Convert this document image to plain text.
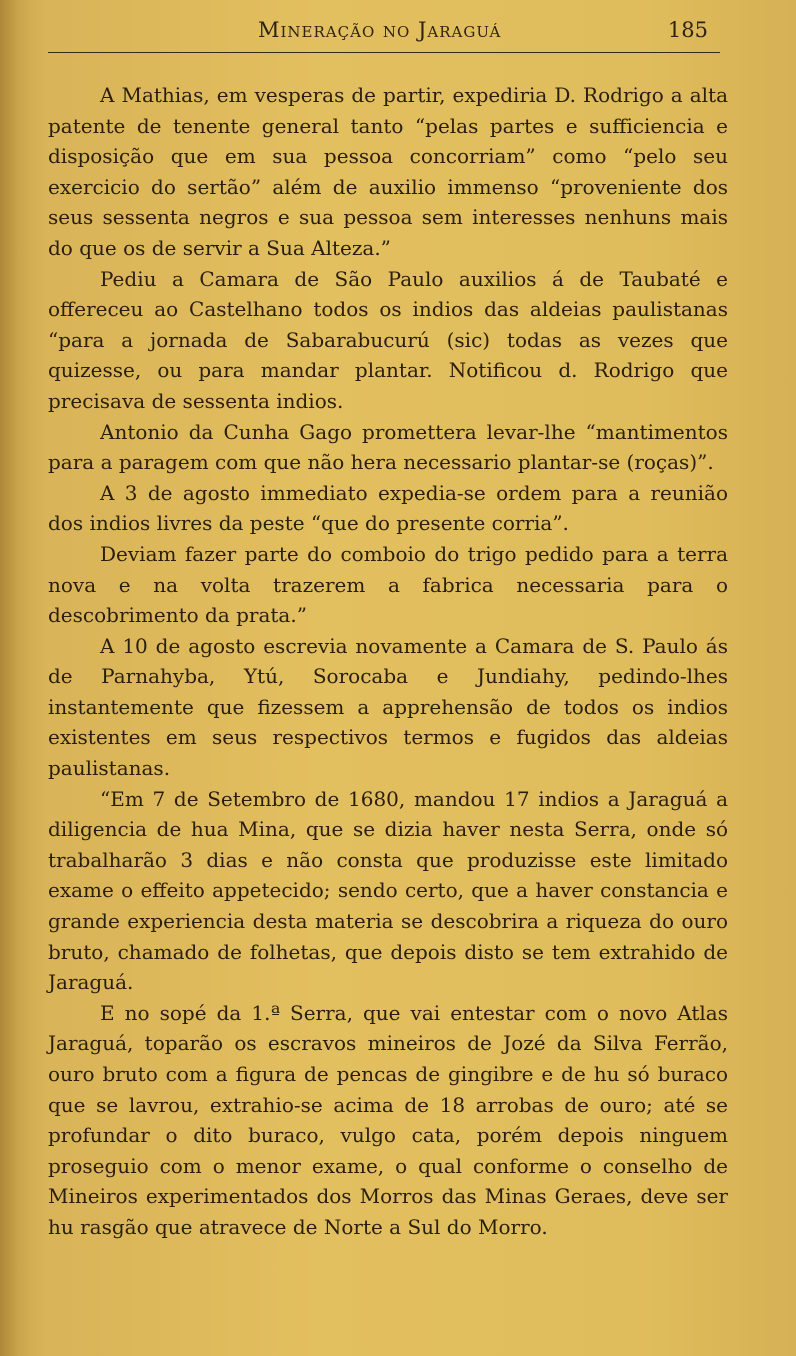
Mineração no Jaraguá	185

A Mathias, em vesperas de partir, expediria D. Rodrigo a alta patente de tenente general tanto “pelas partes e sufficiencia e disposição que em sua pessoa concorriam” como “pelo seu exercicio do sertão” além de auxilio immenso “proveniente dos seus sessenta negros e sua pessoa sem interesses nenhuns mais do que os de servir a Sua Alteza.”

Pediu a Camara de São Paulo auxilios á de Taubaté e offereceu ao Castelhano todos os indios das aldeias paulistanas “para a jornada de Sabarabucurú (sic) todas as vezes que quizesse, ou para mandar plantar. Notificou d. Rodrigo que precisava de sessenta indios.

Antonio da Cunha Gago promettera levar-lhe “mantimentos para a paragem com que não hera necessario plantar-se (roças)”.

A 3 de agosto immediato expedia-se ordem para a reunião dos indios livres da peste “que do presente corria”.

Deviam fazer parte do comboio do trigo pedido para a terra nova e na volta trazerem a fabrica necessaria para o descobrimento da prata.”

A 10 de agosto escrevia novamente a Camara de S. Paulo ás de Parnahyba, Ytú, Sorocaba e Jundiahy, pedindo-lhes instantemente que fizessem a apprehensão de todos os indios existentes em seus respectivos termos e fugidos das aldeias paulistanas.

“Em 7 de Setembro de 1680, mandou 17 indios a Jaraguá a diligencia de hua Mina, que se dizia haver nesta Serra, onde só trabalharão 3 dias e não consta que produzisse este limitado exame o effeito appetecido; sendo certo, que a haver constancia e grande experiencia desta materia se descobrira a riqueza do ouro bruto, chamado de folhetas, que depois disto se tem extrahido de Jaraguá.

E no sopé da 1.ª Serra, que vai entestar com o novo Atlas Jaraguá, toparão os escravos mineiros de Jozé da Silva Ferrão, ouro bruto com a figura de pencas de gingibre e de hu só buraco que se lavrou, extrahio-se acima de 18 arrobas de ouro; até se profundar o dito buraco, vulgo cata, porém depois ninguem proseguio com o menor exame, o qual conforme o conselho de Mineiros experimentados dos Morros das Minas Geraes, deve ser hu rasgão que atravece de Norte a Sul do Morro.
